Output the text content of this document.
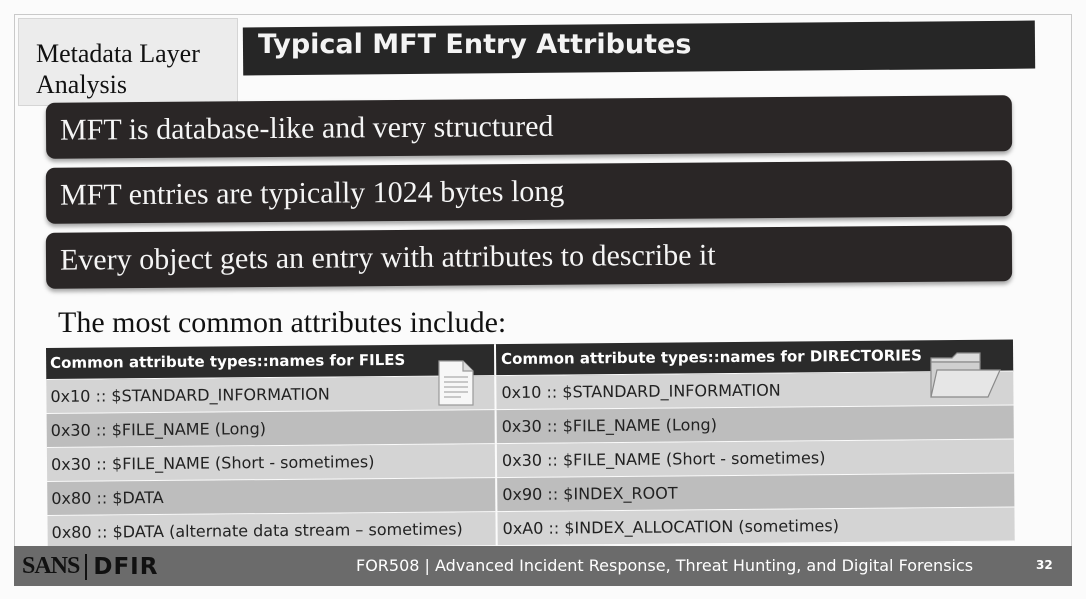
Metadata Layer Analysis
Typical MFT Entry Attributes
MFT is database-like and very structured
MFT entries are typically 1024 bytes long
Every object gets an entry with attributes to describe it
The most common attributes include:
Common attribute types::names for FILES	Common attribute types::names for DIRECTORIES
0x10 :: $STANDARD_INFORMATION	0x10 :: $STANDARD_INFORMATION
0x30 :: $FILE_NAME (Long)	0x30 :: $FILE_NAME (Long)
0x30 :: $FILE_NAME (Short - sometimes)	0x30 :: $FILE_NAME (Short - sometimes)
0x80 :: $DATA	0x90 :: $INDEX_ROOT
0x80 :: $DATA (alternate data stream – sometimes)	0xA0 :: $INDEX_ALLOCATION (sometimes)
SANS DFIR	FOR508 | Advanced Incident Response, Threat Hunting, and Digital Forensics	32
